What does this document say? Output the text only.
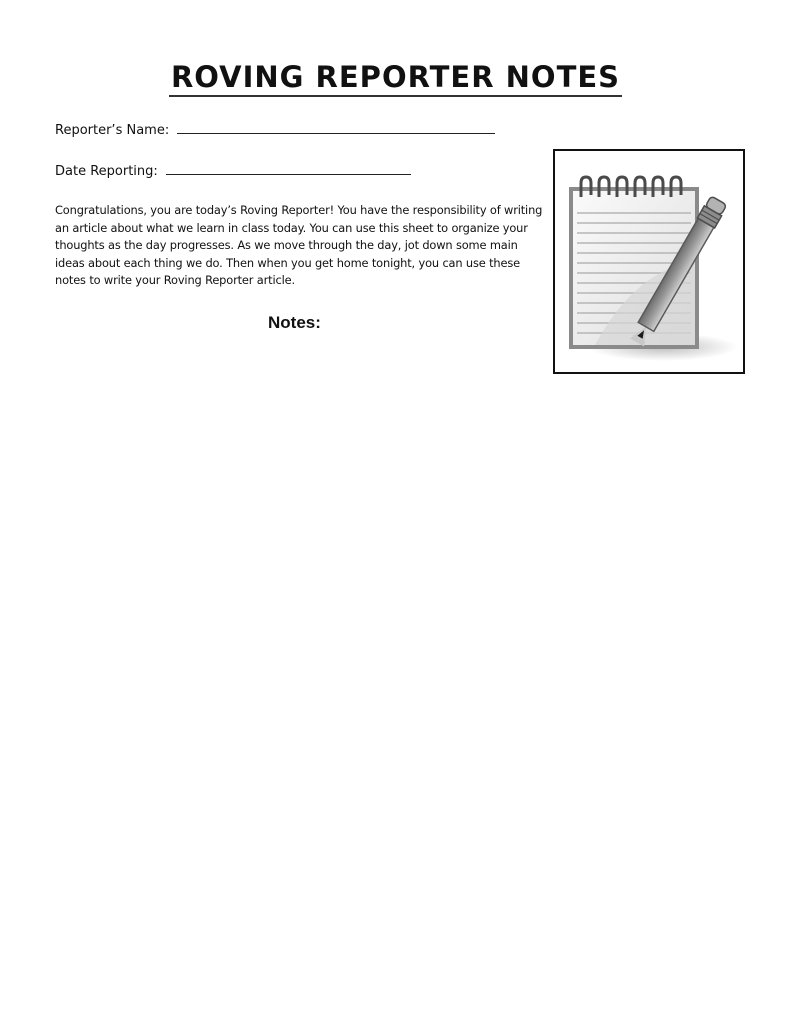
ROVING REPORTER NOTES
Reporter’s Name:
Date Reporting:
Congratulations, you are today’s Roving Reporter! You have the responsibility of writing an article about what we learn in class today. You can use this sheet to organize your thoughts as the day progresses. As we move through the day, jot down some main ideas about each thing we do. Then when you get home tonight, you can use these notes to write your Roving Reporter article.
Notes:
